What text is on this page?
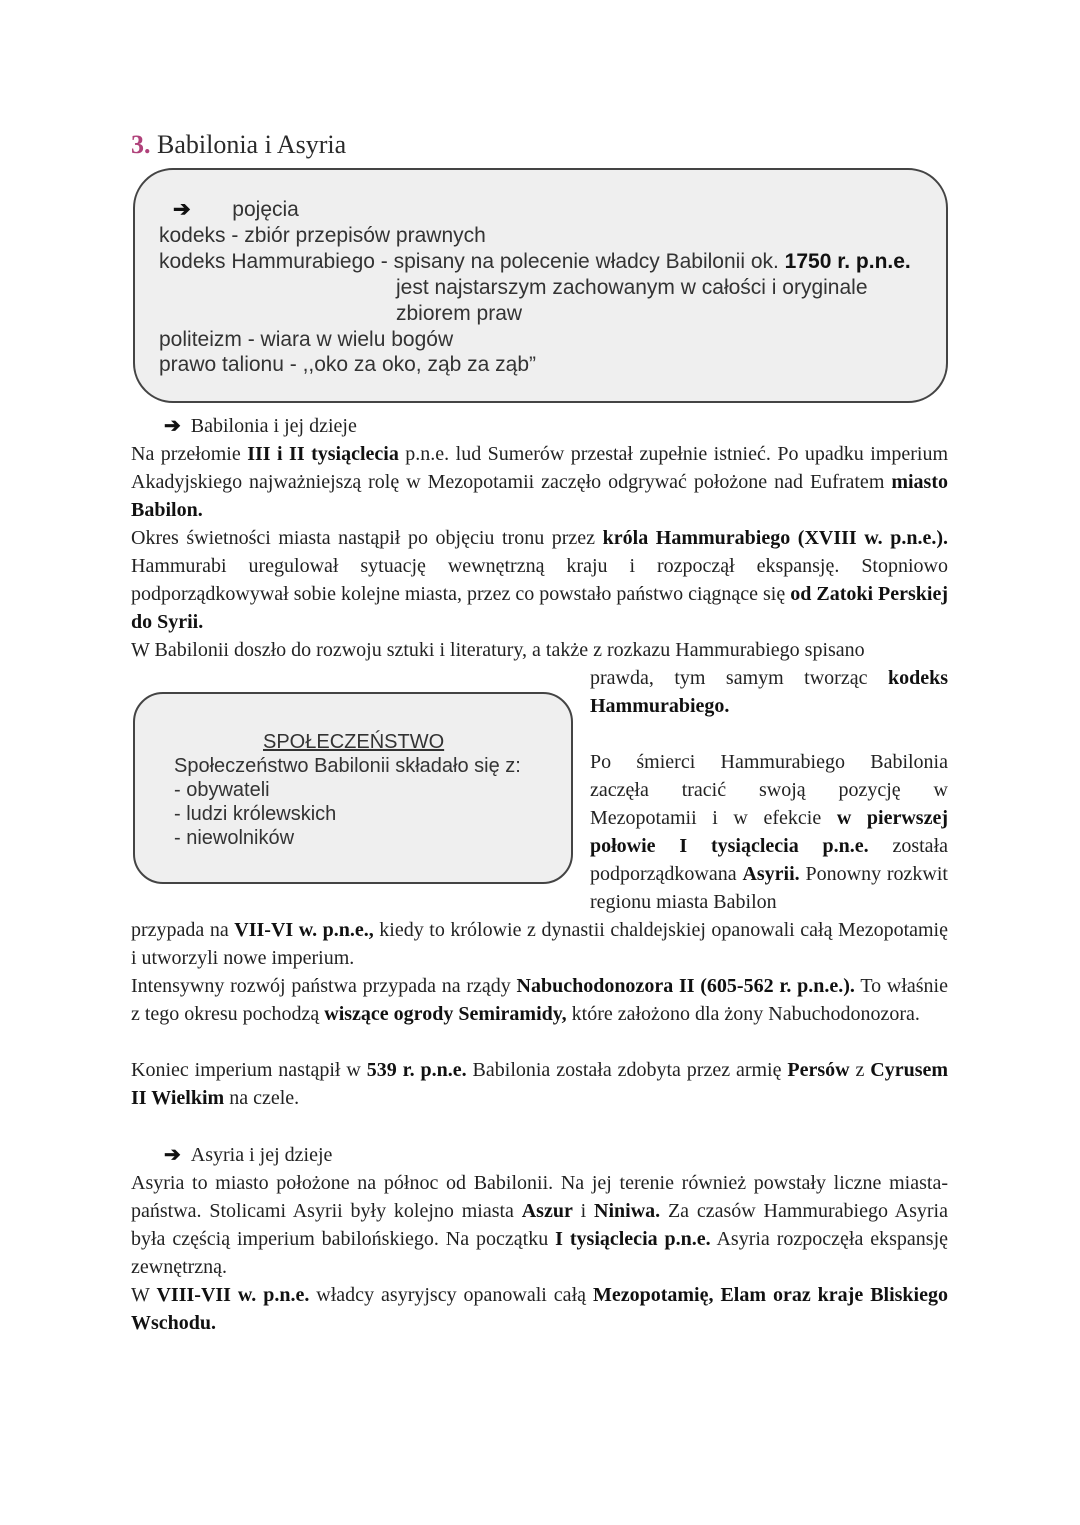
3. Babilonia i Asyria
➔ pojęcia
kodeks - zbiór przepisów prawnych
kodeks Hammurabiego - spisany na polecenie władcy Babilonii ok. 1750 r. p.n.e.
jest najstarszym zachowanym w całości i oryginale
zbiorem praw
politeizm - wiara w wielu bogów
prawo talionu - ,,oko za oko, ząb za ząb”
➔ Babilonia i jej dzieje

Na przełomie III i II tysiąclecia p.n.e. lud Sumerów przestał zupełnie istnieć. Po upadku imperium Akadyjskiego najważniejszą rolę w Mezopotamii zaczęło odgrywać położone nad Eufratem miasto Babilon.

Okres świetności miasta nastąpił po objęciu tronu przez króla Hammurabiego (XVIII w. p.n.e.). Hammurabi uregulował sytuację wewnętrzną kraju i rozpoczął ekspansję. Stopniowo podporządkowywał sobie kolejne miasta, przez co powstało państwo ciągnące się od Zatoki Perskiej do Syrii.

W Babilonii doszło do rozwoju sztuki i literatury, a także z rozkazu Hammurabiego spisano

prawda, tym samym tworząc kodeks Hammurabiego.

SPOŁECZEŃSTWO
Społeczeństwo Babilonii składało się z:
- obywateli
- ludzi królewskich
- niewolników

Po śmierci Hammurabiego Babilonia zaczęła tracić swoją pozycję w Mezopotamii i w efekcie w pierwszej połowie I tysiąclecia p.n.e. została podporządkowana Asyrii. Ponowny rozkwit regionu miasta Babilon

przypada na VII-VI w. p.n.e., kiedy to królowie z dynastii chaldejskiej opanowali całą Mezopotamię i utworzyli nowe imperium.

Intensywny rozwój państwa przypada na rządy Nabuchodonozora II (605-562 r. p.n.e.). To właśnie z tego okresu pochodzą wiszące ogrody Semiramidy, które założono dla żony Nabuchodonozora.

Koniec imperium nastąpił w 539 r. p.n.e. Babilonia została zdobyta przez armię Persów z Cyrusem II Wielkim na czele.

➔ Asyria i jej dzieje

Asyria to miasto położone na północ od Babilonii. Na jej terenie również powstały liczne miasta-państwa. Stolicami Asyrii były kolejno miasta Aszur i Niniwa. Za czasów Hammurabiego Asyria była częścią imperium babilońskiego. Na początku I tysiąclecia p.n.e. Asyria rozpoczęła ekspansję zewnętrzną.

W VIII-VII w. p.n.e. władcy asyryjscy opanowali całą Mezopotamię, Elam oraz kraje Bliskiego Wschodu.
